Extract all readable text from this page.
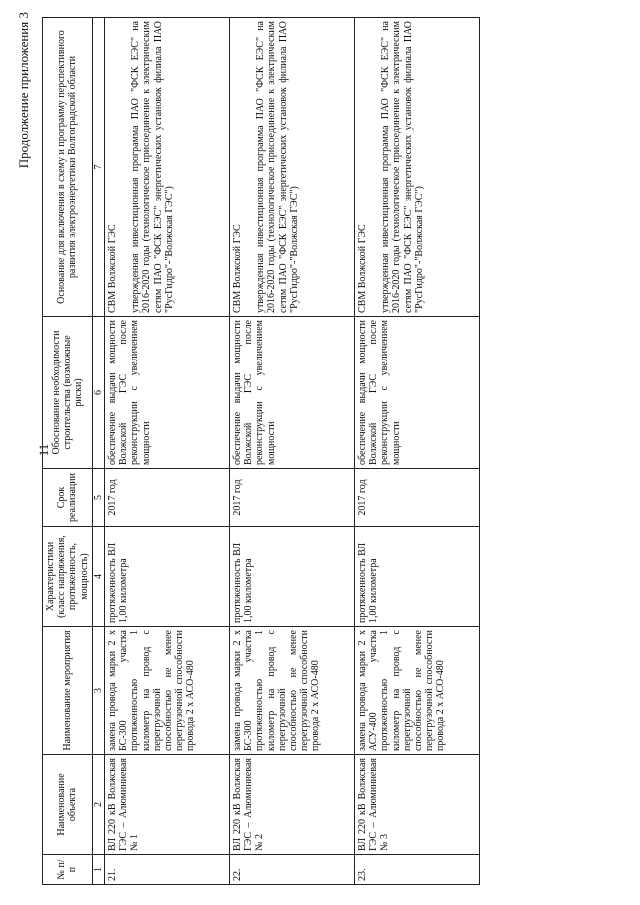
11
Продолжение приложения 3
№ п/п	Наименование объекта	Наименование мероприятия	Характеристики (класс напряжения, протяженность, мощность)	Срок реализации	Обоснование необходимости строительства (возможные риски)	Основание для включения в схему и программу перспективного развития электроэнергетики Волгоградской области
1	2	3	4	5	6	7
21.	ВЛ 220 кВ Волжская ГЭС – Алюминиевая № 1	замена провода марки 2 х БС-300 участка протяженностью 1 километр на провод с перегрузочной способностью не менее перегрузочной способности провода 2 х АСО-480	протяженность ВЛ 1,00 километра	2017 год	обеспечение выдачи мощности Волжской ГЭС после реконструкции с увеличением мощности	СВМ Волжской ГЭС утвержденная инвестиционная программа ПАО "ФСК ЕЭС" на 2016-2020 годы (технологическое присоединение к электрическим сетям ПАО "ФСК ЕЭС" энергетических установок филиала ПАО "РусГидро"-"Волжская ГЭС")

22.	ВЛ 220 кВ Волжская ГЭС – Алюминиевая № 2	замена провода марки 2 х БС-300 участка протяженностью 1 километр на провод с перегрузочной способностью не менее перегрузочной способности провода 2 х АСО-480	протяженность ВЛ 1,00 километра	2017 год	обеспечение выдачи мощности Волжской ГЭС после реконструкции с увеличением мощности	СВМ Волжской ГЭС утвержденная инвестиционная программа ПАО "ФСК ЕЭС" на 2016-2020 годы (технологическое присоединение к электрическим сетям ПАО "ФСК ЕЭС" энергетических установок филиала ПАО "РусГидро"-"Волжская ГЭС")

23.	ВЛ 220 кВ Волжская ГЭС – Алюминиевая № 3	замена провода марки 2 х АСУ-400 участка протяженностью 1 километр на провод с перегрузочной способностью не менее перегрузочной способности провода 2 х АСО-480	протяженность ВЛ 1,00 километра	2017 год	обеспечение выдачи мощности Волжской ГЭС после реконструкции с увеличением мощности	СВМ Волжской ГЭС утвержденная инвестиционная программа ПАО "ФСК ЕЭС" на 2016-2020 годы (технологическое присоединение к электрическим сетям ПАО "ФСК ЕЭС" энергетических установок филиала ПАО "РусГидро"-"Волжская ГЭС")
